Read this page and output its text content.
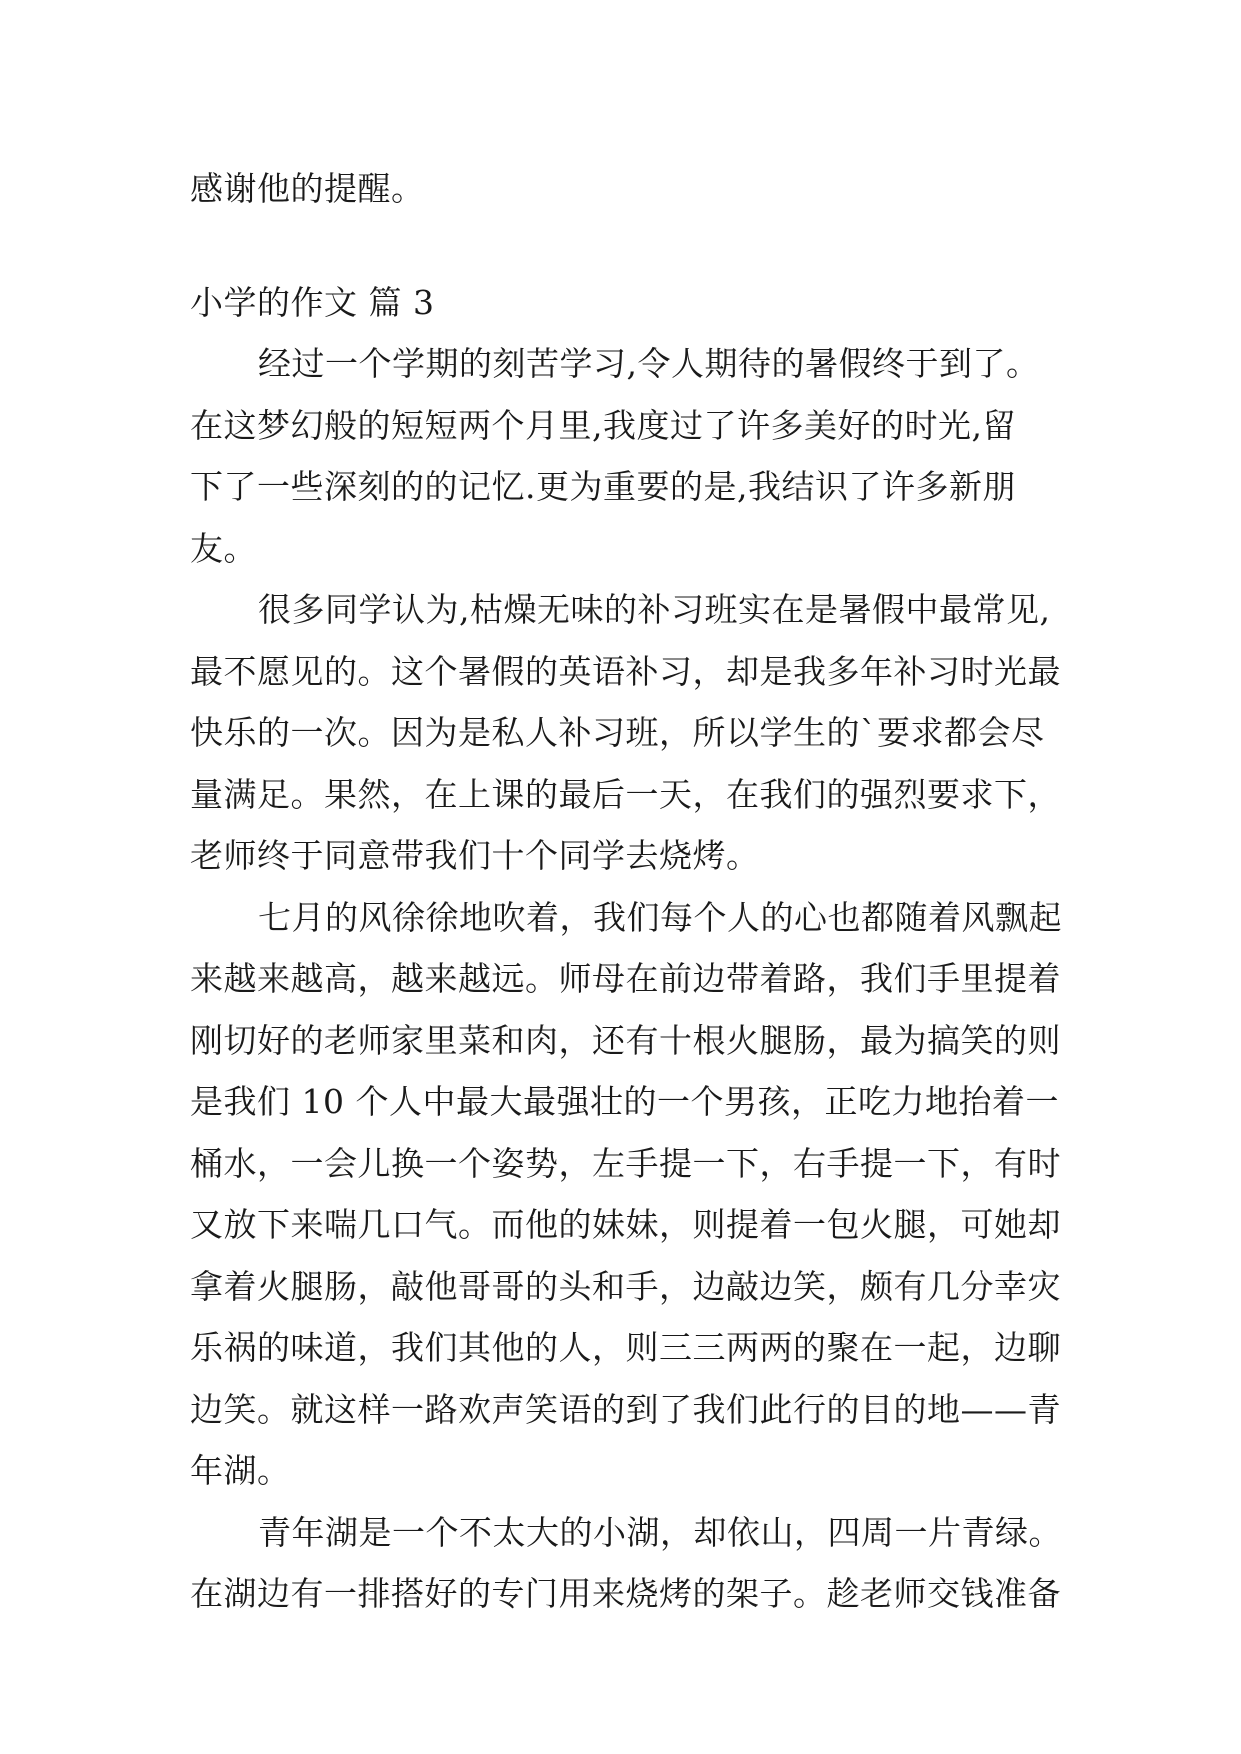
感谢他的提醒。
小学的作文 篇 3
经过一个学期的刻苦学习,令人期待的暑假终于到了。
在这梦幻般的短短两个月里,我度过了许多美好的时光,留
下了一些深刻的的记忆.更为重要的是,我结识了许多新朋
友。
很多同学认为,枯燥无味的补习班实在是暑假中最常见,
最不愿见的。这个暑假的英语补习，却是我多年补习时光最
快乐的一次。因为是私人补习班，所以学生的`要求都会尽
量满足。果然，在上课的最后一天，在我们的强烈要求下，
老师终于同意带我们十个同学去烧烤。
七月的风徐徐地吹着，我们每个人的心也都随着风飘起
来越来越高，越来越远。师母在前边带着路，我们手里提着
刚切好的老师家里菜和肉，还有十根火腿肠，最为搞笑的则
是我们 10 个人中最大最强壮的一个男孩，正吃力地抬着一
桶水，一会儿换一个姿势，左手提一下，右手提一下，有时
又放下来喘几口气。而他的妹妹，则提着一包火腿，可她却
拿着火腿肠，敲他哥哥的头和手，边敲边笑，颇有几分幸灾
乐祸的味道，我们其他的人，则三三两两的聚在一起，边聊
边笑。就这样一路欢声笑语的到了我们此行的目的地——青
年湖。
青年湖是一个不太大的小湖，却依山，四周一片青绿。
在湖边有一排搭好的专门用来烧烤的架子。趁老师交钱准备
